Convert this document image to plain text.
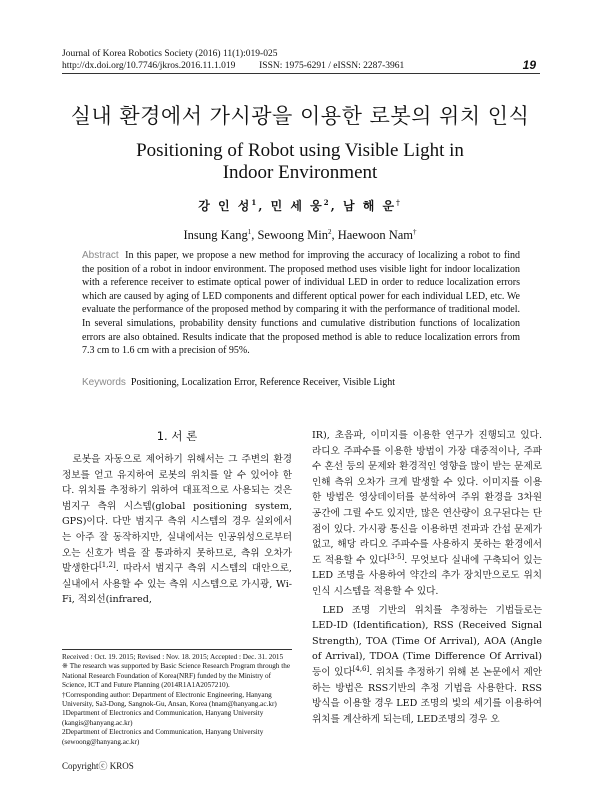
Journal of Korea Robotics Society (2016) 11(1):019-025
http://dx.doi.org/10.7746/jkros.2016.11.1.019          ISSN: 1975-6291 / eISSN: 2287-3961	19
실내 환경에서 가시광을 이용한 로봇의 위치 인식
Positioning of Robot using Visible Light in Indoor Environment
강 인 성$^1$, 민 세 웅$^2$, 남 해 운†
Insung Kang$^1$, Sewoong Min$^2$, Haewoon Nam†
Abstract In this paper, we propose a new method for improving the accuracy of localizing a robot to find the position of a robot in indoor environment. The proposed method uses visible light for indoor localization with a reference receiver to estimate optical power of individual LED in order to reduce localization errors which are caused by aging of LED components and different optical power for each individual LED, etc. We evaluate the performance of the proposed method by comparing it with the performance of traditional model. In several simulations, probability density functions and cumulative distribution functions of localization errors are also obtained. Results indicate that the proposed method is able to reduce localization errors from 7.3 cm to 1.6 cm with a precision of 95%.
Keywords Positioning, Localization Error, Reference Receiver, Visible Light
1. 서 론

로봇을 자동으로 제어하기 위해서는 그 주변의 환경 정보를 얻고 유지하여 로봇의 위치를 알 수 있어야 한다. 위치를 추정하기 위하여 대표적으로 사용되는 것은 범지구 측위 시스템(global positioning system, GPS)이다. 다만 범지구 측위 시스템의 경우 실외에서는 아주 잘 동작하지만, 실내에서는 인공위성으로부터 오는 신호가 벽을 잘 통과하지 못하므로, 측위 오차가 발생한다[1,2]. 따라서 범지구 측위 시스템의 대안으로, 실내에서 사용할 수 있는 측위 시스템으로 가시광, Wi-Fi, 적외선(infrared,

IR), 초음파, 이미지를 이용한 연구가 진행되고 있다. 라디오 주파수를 이용한 방법이 가장 대중적이나, 주파수 혼선 등의 문제와 환경적인 영향을 많이 받는 문제로 인해 측위 오차가 크게 발생할 수 있다. 이미지를 이용한 방법은 영상데이터를 분석하여 주위 환경을 3차원 공간에 그릴 수도 있지만, 많은 연산량이 요구된다는 단점이 있다. 가시광 통신을 이용하면 전파과 간섭 문제가 없고, 해당 라디오 주파수를 사용하지 못하는 환경에서도 적용할 수 있다[3-5]. 무엇보다 실내에 구축되어 있는 LED 조명을 사용하여 약간의 추가 장치만으로도 위치 인식 시스템을 적용할 수 있다.

LED 조명 기반의 위치를 추정하는 기법들로는 LED-ID (Identification), RSS (Received Signal Strength), TOA (Time Of Arrival), AOA (Angle of Arrival), TDOA (Time Difference Of Arrival) 등이 있다[4,6]. 위치를 추정하기 위해 본 논문에서 제안하는 방법은 RSS기반의 추정 기법을 사용한다. RSS 방식을 이용할 경우 LED 조명의 빛의 세기를 이용하여 위치를 계산하게 되는데, LED조명의 경우 오

Received : Oct. 19. 2015; Revised : Nov. 18. 2015; Accepted : Dec. 31. 2015

※ The research was supported by Basic Science Research Program through the National Research Foundation of Korea(NRF) funded by the Ministry of Science, ICT and Future Planning (2014R1A1A2057210).

†Corresponding author: Department of Electronic Engineering, Hanyang University, Sa3-Dong, Sangnok-Gu, Ansan, Korea (hnam@hanyang.ac.kr)

1Department of Electronics and Communication, Hanyang University (kangis@hanyang.ac.kr)

2Department of Electronics and Communication, Hanyang University (sewoong@hanyang.ac.kr)

Copyrightⓒ KROS
